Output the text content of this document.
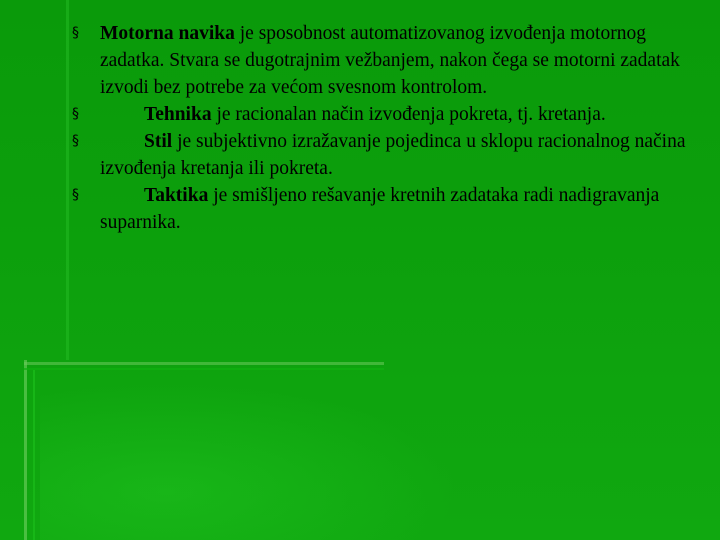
§	Motorna navika je sposobnost automatizovanog izvođenja motornog zadatka. Stvara se dugotrajnim vežbanjem, nakon čega se motorni zadatak izvodi bez potrebe za većom svesnom kontrolom.
§	Tehnika je racionalan način izvođenja pokreta, tj. kretanja.
§	Stil je subjektivno izražavanje pojedinca u sklopu racionalnog načina izvođenja kretanja ili pokreta.
§	Taktika je smišljeno rešavanje kretnih zadataka radi nadigravanja suparnika.
